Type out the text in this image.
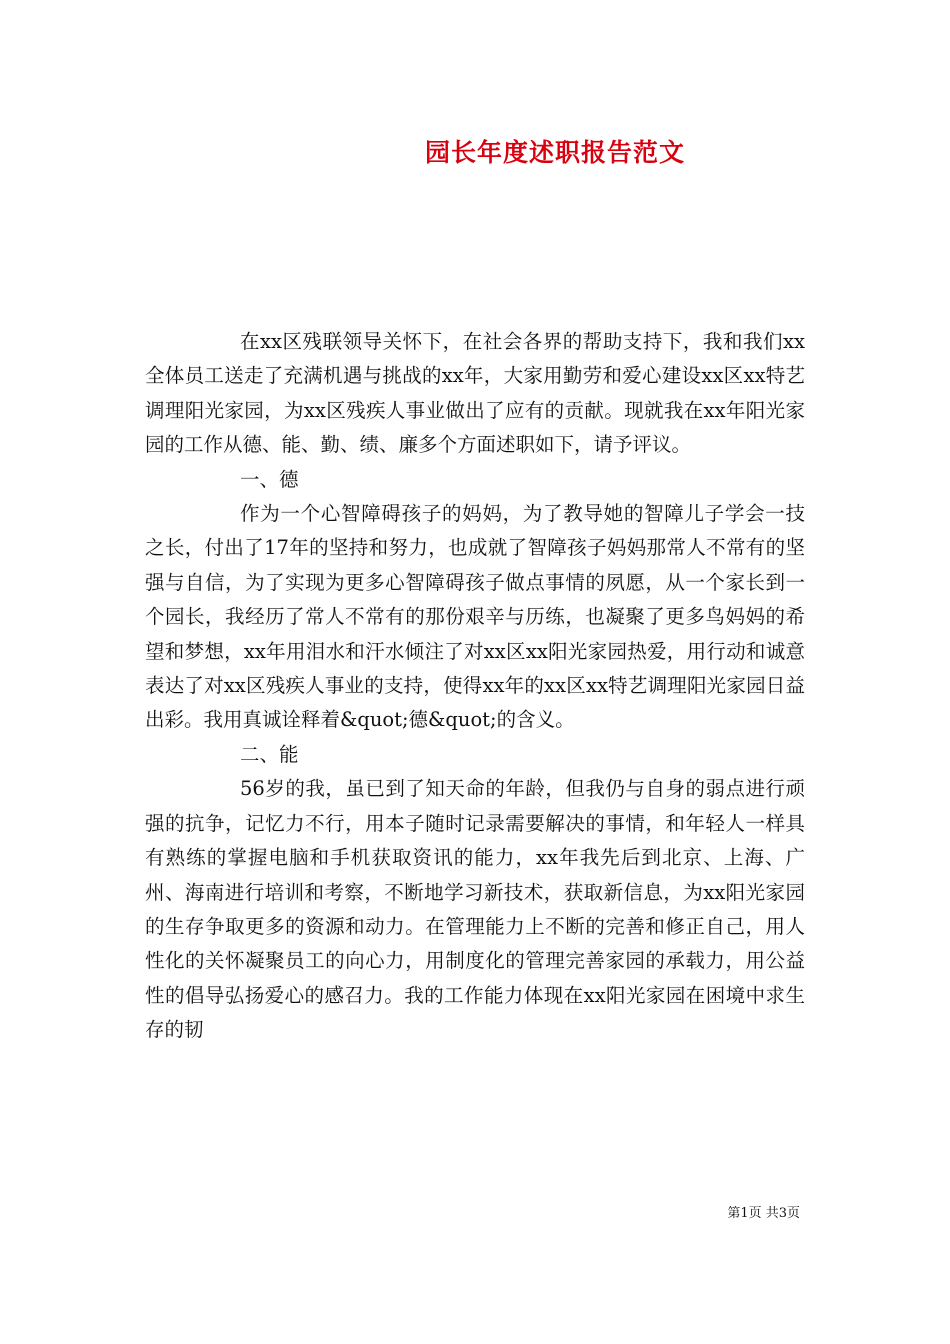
园长年度述职报告范文

在xx区残联领导关怀下，在社会各界的帮助支持下，我和我们xx全体员工送走了充满机遇与挑战的xx年，大家用勤劳和爱心建设xx区xx特艺调理阳光家园，为xx区残疾人事业做出了应有的贡献。现就我在xx年阳光家园的工作从德、能、勤、绩、廉多个方面述职如下，请予评议。

一、德

作为一个心智障碍孩子的妈妈，为了教导她的智障儿子学会一技之长，付出了17年的坚持和努力，也成就了智障孩子妈妈那常人不常有的坚强与自信，为了实现为更多心智障碍孩子做点事情的夙愿，从一个家长到一个园长，我经历了常人不常有的那份艰辛与历练，也凝聚了更多鸟妈妈的希望和梦想，xx年用泪水和汗水倾注了对xx区xx阳光家园热爱，用行动和诚意表达了对xx区残疾人事业的支持，使得xx年的xx区xx特艺调理阳光家园日益出彩。我用真诚诠释着&quot;德&quot;的含义。

二、能

56岁的我，虽已到了知天命的年龄，但我仍与自身的弱点进行顽强的抗争，记忆力不行，用本子随时记录需要解决的事情，和年轻人一样具有熟练的掌握电脑和手机获取资讯的能力，xx年我先后到北京、上海、广州、海南进行培训和考察，不断地学习新技术，获取新信息，为xx阳光家园的生存争取更多的资源和动力。在管理能力上不断的完善和修正自己，用人性化的关怀凝聚员工的向心力，用制度化的管理完善家园的承载力，用公益性的倡导弘扬爱心的感召力。我的工作能力体现在xx阳光家园在困境中求生存的韧

第1页 共3页
